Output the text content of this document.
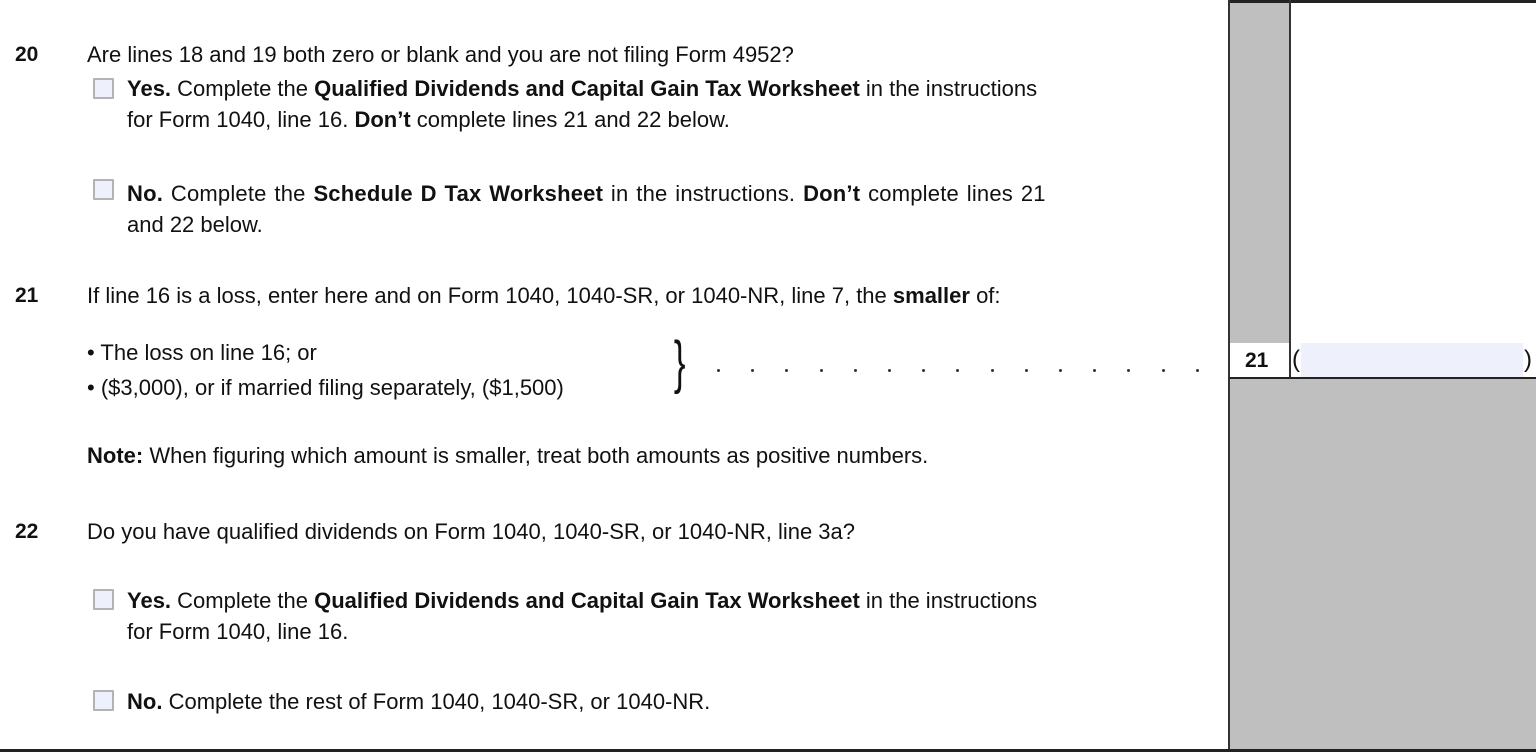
20 Are lines 18 and 19 both zero or blank and you are not filing Form 4952?
Yes. Complete the Qualified Dividends and Capital Gain Tax Worksheet in the instructions
for Form 1040, line 16. Don’t complete lines 21 and 22 below.
No. Complete the Schedule D Tax Worksheet in the instructions. Don’t complete lines 21
and 22 below.
21 If line 16 is a loss, enter here and on Form 1040, 1040-SR, or 1040-NR, line 7, the smaller of:
• The loss on line 16; or
• ($3,000), or if married filing separately, ($1,500) }	21 (	)
Note: When figuring which amount is smaller, treat both amounts as positive numbers.
22 Do you have qualified dividends on Form 1040, 1040-SR, or 1040-NR, line 3a?
Yes. Complete the Qualified Dividends and Capital Gain Tax Worksheet in the instructions
for Form 1040, line 16.
No. Complete the rest of Form 1040, 1040-SR, or 1040-NR.
